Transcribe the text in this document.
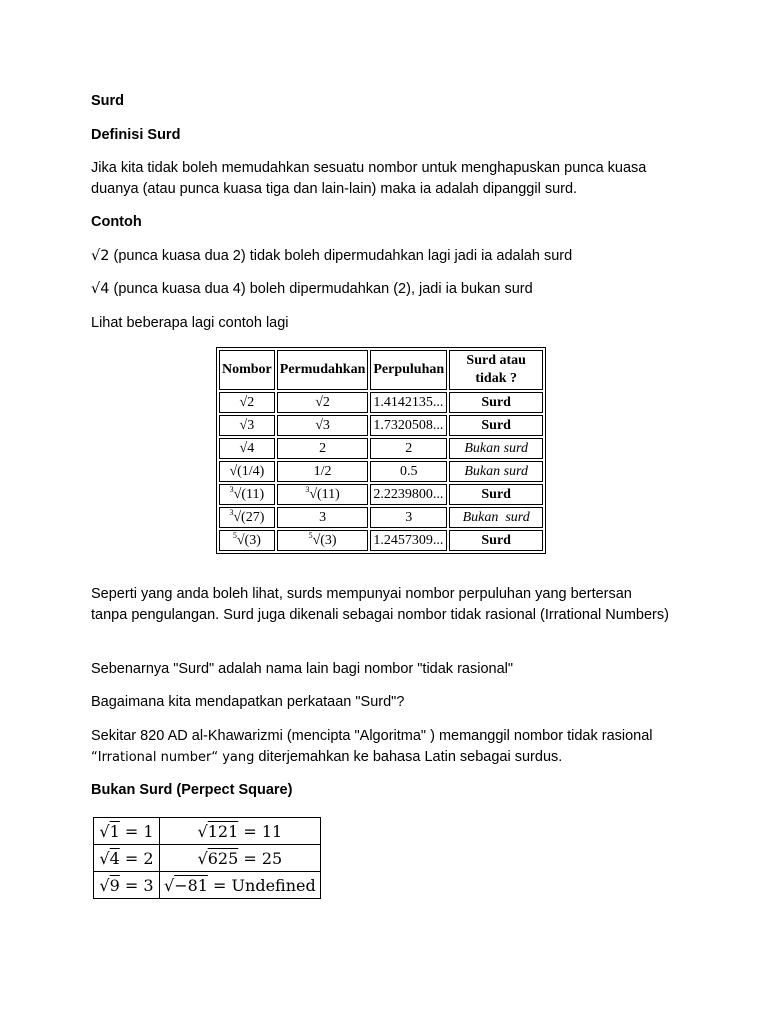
Surd

Definisi Surd

Jika kita tidak boleh memudahkan sesuatu nombor untuk menghapuskan punca kuasa duanya (atau punca kuasa tiga dan lain-lain) maka ia adalah dipanggil surd.

Contoh

√2 (punca kuasa dua 2) tidak boleh dipermudahkan lagi jadi ia adalah surd

√4 (punca kuasa dua 4) boleh dipermudahkan (2), jadi ia bukan surd

Lihat beberapa lagi contoh lagi

Nombor	Permudahkan	Perpuluhan	Surd atau tidak ?
√2	√2	1.4142135...	Surd
√3	√3	1.7320508...	Surd
√4	2	2	Bukan surd
√(1/4)	1/2	0.5	Bukan surd
$^3$√(11)	$^3$√(11)	2.2239800...	Surd
$^3$√(27)	3	3	Bukan  surd
$^5$√(3)	$^5$√(3)	1.2457309...	Surd

Seperti yang anda boleh lihat, surds mempunyai nombor perpuluhan yang bertersan tanpa pengulangan. Surd juga dikenali sebagai nombor tidak rasional (Irrational Numbers)

Sebenarnya "Surd" adalah nama lain bagi nombor "tidak rasional"

Bagaimana kita mendapatkan perkataan "Surd"?

Sekitar 820 AD al-Khawarizmi (mencipta "Algoritma" ) memanggil nombor tidak rasional “Irrational number“ yang diterjemahkan ke bahasa Latin sebagai surdus.

Bukan Surd (Perpect Square)

√1 = 1	√121 = 11
√4 = 2	√625 = 25
√9 = 3	√−81 = Undefined
